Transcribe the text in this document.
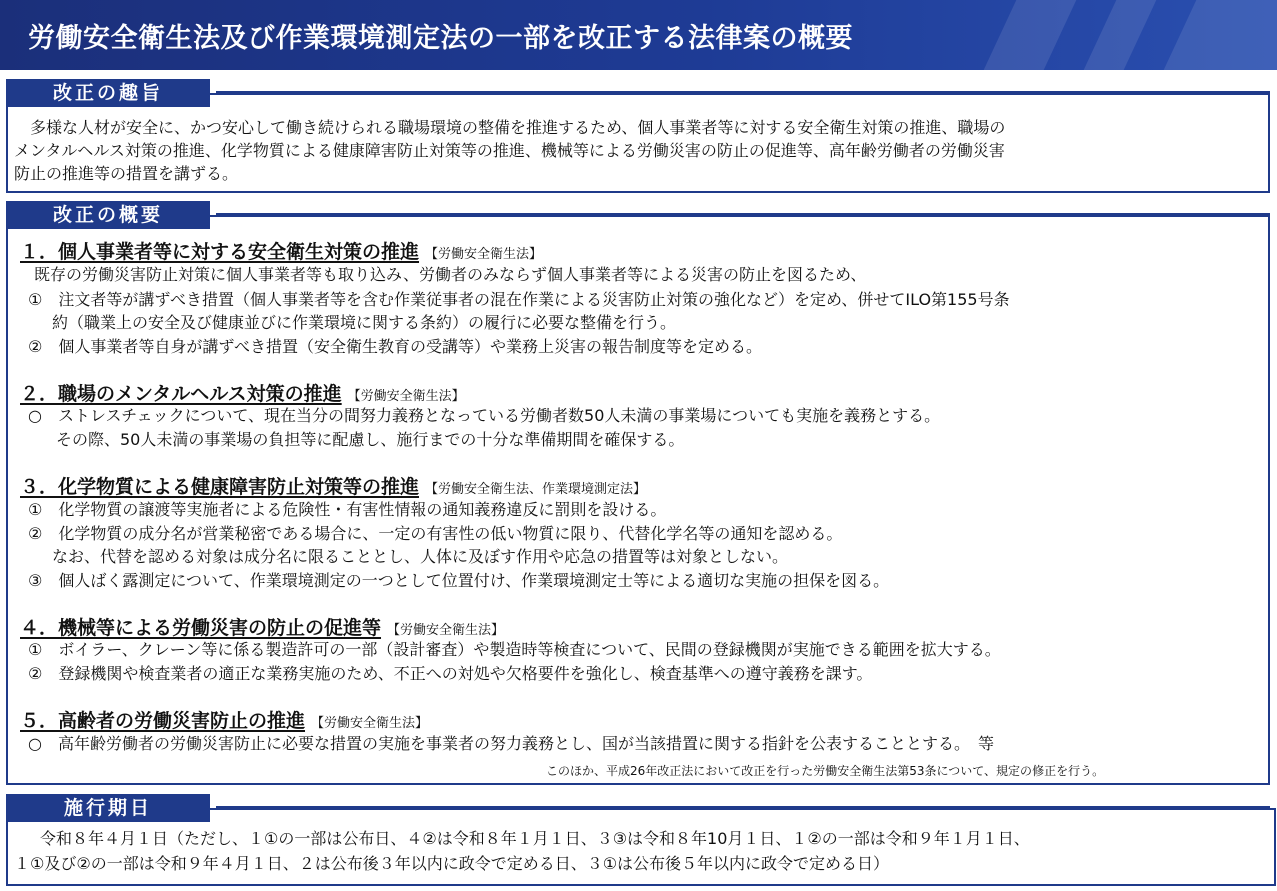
労働安全衛生法及び作業環境測定法の一部を改正する法律案の概要
改正の趣旨
　多様な人材が安全に、かつ安心して働き続けられる職場環境の整備を推進するため、個人事業者等に対する安全衛生対策の推進、職場の
メンタルヘルス対策の推進、化学物質による健康障害防止対策等の推進、機械等による労働災害の防止の促進等、高年齢労働者の労働災害
防止の推進等の措置を講ずる。
改正の概要
１．個人事業者等に対する安全衛生対策の推進 【労働安全衛生法】
既存の労働災害防止対策に個人事業者等も取り込み、労働者のみならず個人事業者等による災害の防止を図るため、
①　注文者等が講ずべき措置（個人事業者等を含む作業従事者の混在作業による災害防止対策の強化など）を定め、併せてILO第155号条
約（職業上の安全及び健康並びに作業環境に関する条約）の履行に必要な整備を行う。
②　個人事業者等自身が講ずべき措置（安全衛生教育の受講等）や業務上災害の報告制度等を定める。
２．職場のメンタルヘルス対策の推進 【労働安全衛生法】
○　ストレスチェックについて、現在当分の間努力義務となっている労働者数50人未満の事業場についても実施を義務とする。
その際、50人未満の事業場の負担等に配慮し、施行までの十分な準備期間を確保する。
３．化学物質による健康障害防止対策等の推進 【労働安全衛生法、作業環境測定法】
①　化学物質の譲渡等実施者による危険性・有害性情報の通知義務違反に罰則を設ける。
②　化学物質の成分名が営業秘密である場合に、一定の有害性の低い物質に限り、代替化学名等の通知を認める。
なお、代替を認める対象は成分名に限ることとし、人体に及ぼす作用や応急の措置等は対象としない。
③　個人ばく露測定について、作業環境測定の一つとして位置付け、作業環境測定士等による適切な実施の担保を図る。
４．機械等による労働災害の防止の促進等 【労働安全衛生法】
①　ボイラー、クレーン等に係る製造許可の一部（設計審査）や製造時等検査について、民間の登録機関が実施できる範囲を拡大する。
②　登録機関や検査業者の適正な業務実施のため、不正への対処や欠格要件を強化し、検査基準への遵守義務を課す。
５．高齢者の労働災害防止の推進 【労働安全衛生法】
○　高年齢労働者の労働災害防止に必要な措置の実施を事業者の努力義務とし、国が当該措置に関する指針を公表することとする。　等
このほか、平成26年改正法において改正を行った労働安全衛生法第53条について、規定の修正を行う。
施行期日
令和８年４月１日（ただし、１①の一部は公布日、４②は令和８年１月１日、３③は令和８年10月１日、１②の一部は令和９年１月１日、
１①及び②の一部は令和９年４月１日、２は公布後３年以内に政令で定める日、３①は公布後５年以内に政令で定める日）
